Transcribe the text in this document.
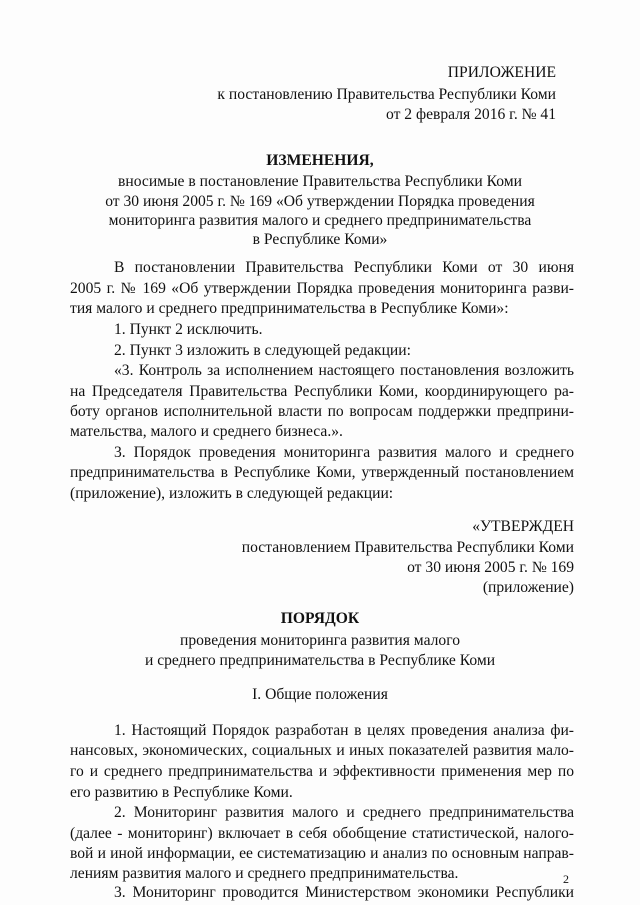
ПРИЛОЖЕНИЕ
к постановлению Правительства Республики Коми
от 2 февраля 2016 г. № 41
ИЗМЕНЕНИЯ,
вносимые в постановление Правительства Республики Коми
от 30 июня 2005 г. № 169 «Об утверждении Порядка проведения
мониторинга развития малого и среднего предпринимательства
в Республике Коми»
В постановлении Правительства Республики Коми от 30 июня
2005 г. № 169 «Об утверждении Порядка проведения мониторинга разви-
тия малого и среднего предпринимательства в Республике Коми»:
1. Пункт 2 исключить.
2. Пункт 3 изложить в следующей редакции:
«3. Контроль за исполнением настоящего постановления возложить
на Председателя Правительства Республики Коми, координирующего ра-
боту органов исполнительной власти по вопросам поддержки предприни-
мательства, малого и среднего бизнеса.».
3. Порядок проведения мониторинга развития малого и среднего
предпринимательства в Республике Коми, утвержденный постановлением
(приложение), изложить в следующей редакции:
«УТВЕРЖДЕН
постановлением Правительства Республики Коми
от 30 июня 2005 г. № 169
(приложение)
ПОРЯДОК
проведения мониторинга развития малого
и среднего предпринимательства в Республике Коми
I. Общие положения
1. Настоящий Порядок разработан в целях проведения анализа фи-
нансовых, экономических, социальных и иных показателей развития мало-
го и среднего предпринимательства и эффективности применения мер по
его развитию в Республике Коми.
2. Мониторинг развития малого и среднего предпринимательства
(далее - мониторинг) включает в себя обобщение статистической, налого-
вой и иной информации, ее систематизацию и анализ по основным направ-
лениям развития малого и среднего предпринимательства.
3. Мониторинг проводится Министерством экономики Республики
2
